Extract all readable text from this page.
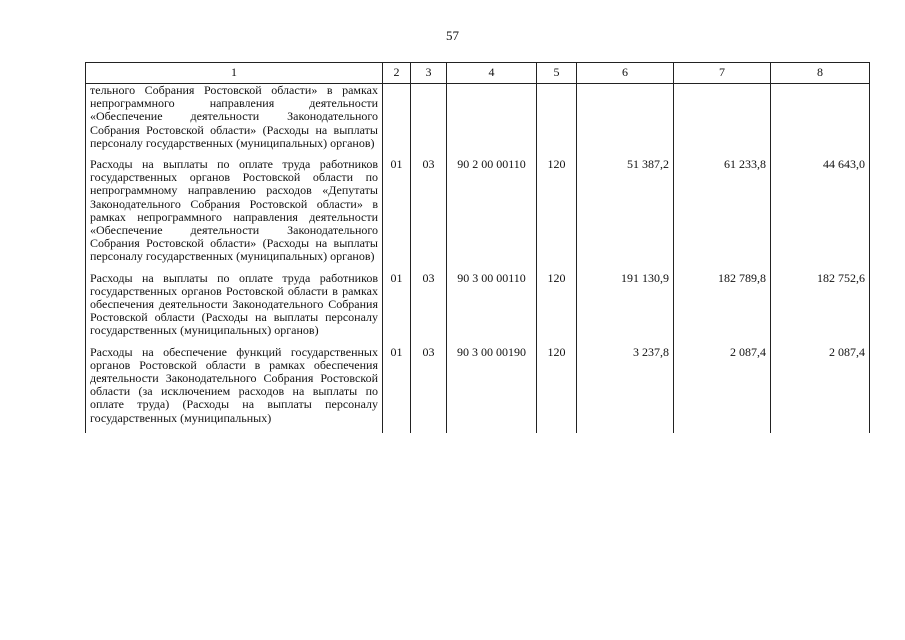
57
1	2	3	4	5	6	7	8
тельного Собрания Ростовской области» в рамках непрограммного направления деятельности «Обеспечение деятельности Законодательного Собрания Ростовской области» (Расходы на выплаты персоналу государственных (муниципальных) органов)							
Расходы на выплаты по оплате труда работников государственных органов Ростовской области по непрограммному направлению расходов «Депутаты Законодательного Собрания Ростовской области» в рамках непрограммного направления деятельности «Обеспечение деятельности Законодательного Собрания Ростовской области» (Расходы на выплаты персоналу государственных (муниципальных) органов)	01	03	90 2 00 00110	120	51 387,2	61 233,8	44 643,0
Расходы на выплаты по оплате труда работников государственных органов Ростовской области в рамках обеспечения деятельности Законодательного Собрания Ростовской области (Расходы на выплаты персоналу государственных (муниципальных) органов)	01	03	90 3 00 00110	120	191 130,9	182 789,8	182 752,6
Расходы на обеспечение функций государственных органов Ростовской области в рамках обеспечения деятельности Законодательного Собрания Ростовской области (за исключением расходов на выплаты по оплате труда) (Расходы на выплаты персоналу государственных (муниципальных)	01	03	90 3 00 00190	120	3 237,8	2 087,4	2 087,4
